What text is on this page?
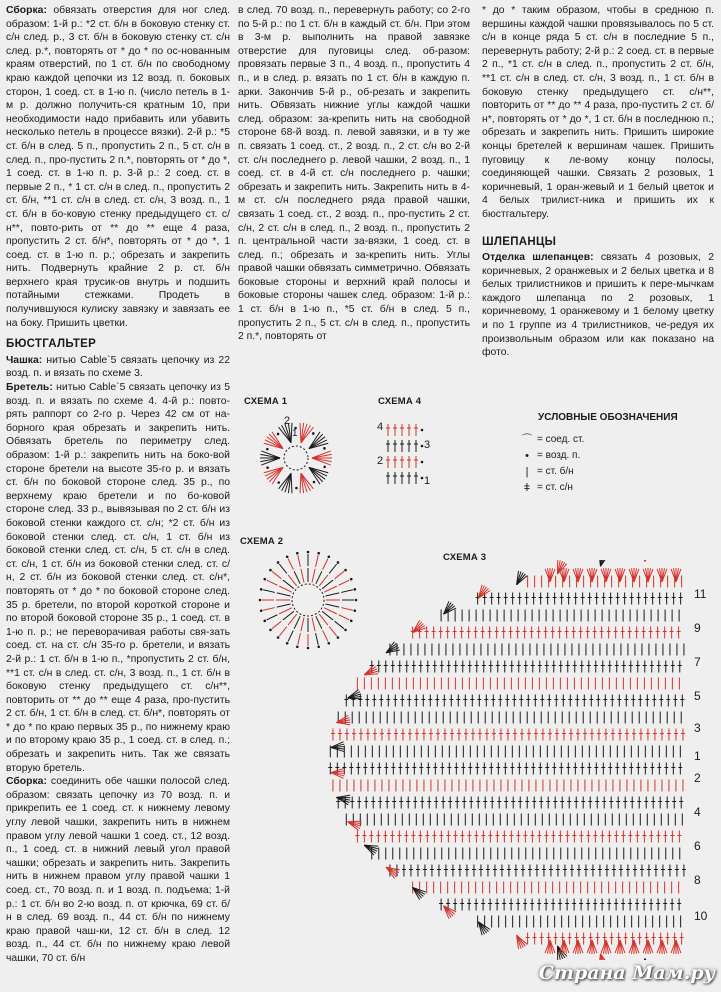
Сборка: обвязать отверстия для ног след. образом: 1-й р.: *2 ст. б/н в боковую стенку ст. с/н след. р., 3 ст. б/н в боковую стенку ст. с/н след. р.*, повторять от * до * по ос-нованным краям отверстий, по 1 ст. б/н по свободному краю каждой цепочки из 12 возд. п. боковых сторон, 1 соед. ст. в 1-ю п. (число петель в 1-м р. должно получить-ся кратным 10, при необходимости надо прибавить или убавить несколько петель в процессе вязки). 2-й р.: *5 ст. б/н в след. 5 п., пропустить 2 п., 5 ст. с/н в след. п., про-пустить 2 п.*, повторять от * до *, 1 соед. ст. в 1-ю п. р. 3-й р.: 2 соед. ст. в первые 2 п., * 1 ст. с/н в след. п., пропустить 2 ст. б/н, **1 ст. с/н в след. ст. с/н, 3 возд. п., 1 ст. б/н в бо-ковую стенку предыдущего ст. с/н**, повто-рить от ** до ** еще 4 раза, пропустить 2 ст. б/н*, повторять от * до *, 1 соед. ст. в 1-ю п. р.; обрезать и закрепить нить. Подвернуть крайние 2 р. ст. б/н верхнего края трусик-ов внутрь и подшить потайными стежками. Продеть в получившуюся кулиску завязку и завязать ее на боку. Пришить цветки.

БЮСТГАЛЬТЕР

Чашка: нитью Cable`5 связать цепочку из 22 возд. п. и вязать по схеме 3.

Бретель: нитью Cable`5 связать цепочку из 5 возд. п. и вязать по схеме 4. 4-й р.: повто-рять раппорт со 2-го р. Через 42 см от на-борного края обрезать и закрепить нить. Обвязать бретель по периметру след. образом: 1-й р.: закрепить нить на боко-вой стороне бретели на высоте 35-го р. и вязать ст. б/н по боковой стороне след. 35 р., по верхнему краю бретели и по бо-ковой стороне след. 33 р., вывязывая по 2 ст. б/н из боковой стенки каждого ст. с/н; *2 ст. б/н из боковой стенки след. ст. с/н, 1 ст. б/н из боковой стенки след. ст. с/н, 5 ст. с/н в след. ст. с/н, 1 ст. б/н из боковой стенки след. ст. с/н, 2 ст. б/н из боковой стенки след. ст. с/н*, повторять от * до * по боковой стороне след. 35 р. бретели, по второй короткой стороне и по второй боковой стороне 35 р., 1 соед. ст. в 1-ю п. р.; не переворачивая работы свя-зать соед. ст. на ст. с/н 35-го р. бретели, и вязать 2-й р.: 1 ст. б/н в 1-ю п., *пропустить 2 ст. б/н, **1 ст. с/н в след. ст. с/н, 3 возд. п., 1 ст. б/н в боковую стенку предыдущего ст. с/н**, повторить от ** до ** еще 4 раза, про-пустить 2 ст. б/н, 1 ст. б/н в след. ст. б/н*, повторять от * до * по краю первых 35 р., по нижнему краю и по второму краю 35 р., 1 соед. ст. в след. п.; обрезать и закрепить нить. Так же связать вторую бретель.

Сборка: соединить обе чашки полосой след. образом: связать цепочку из 70 возд. п. и прикрепить ее 1 соед. ст. к нижнему левому углу левой чашки, закрепить нить в нижнем правом углу левой чашки 1 соед. ст., 12 возд. п., 1 соед. ст. в нижний левый угол правой чашки; обрезать и закрепить нить. Закрепить нить в нижнем правом углу правой чашки 1 соед. ст., 70 возд. п. и 1 возд. п. подъема; 1-й р.: 1 ст. б/н во 2-ю возд. п. от крючка, 69 ст. б/н в след. 69 возд. п., 44 ст. б/н по нижнему краю правой чаш-ки, 12 ст. б/н в след. 12 возд. п., 44 ст. б/н по нижнему краю левой чашки, 70 ст. б/н

в след. 70 возд. п., перевернуть работу; со 2-го по 5-й р.: по 1 ст. б/н в каждый ст. б/н. При этом в 3-м р. выполнить на правой завязке отверстие для пуговицы след. об-разом: провязать первые 3 п., 4 возд. п., пропустить 4 п., и в след. р. вязать по 1 ст. б/н в каждую п. арки. Закончив 5-й р., об-резать и закрепить нить. Обвязать нижние углы каждой чашки след. образом: за-крепить нить на свободной стороне 68-й возд. п. левой завязки, и в ту же п. связать 1 соед. ст., 2 возд. п., 2 ст. с/н во 2-й ст. с/н последнего р. левой чашки, 2 возд. п., 1 соед. ст. в 4-й ст. с/н последнего р. чашки; обрезать и закрепить нить. Закрепить нить в 4-м ст. с/н последнего ряда правой чашки, связать 1 соед. ст., 2 возд. п., про-пустить 2 ст. с/н, 2 ст. с/н в след. п., 2 возд. п., пропустить 2 п. центральной части за-вязки, 1 соед. ст. в след. п.; обрезать и за-крепить нить. Углы правой чашки обвязать симметрично. Обвязать боковые стороны и верхний край полосы и боковые стороны чашек след. образом: 1-й р.: 1 ст. б/н в 1-ю п., *5 ст. б/н в след. 5 п., пропустить 2 п., 5 ст. с/н в след. п., пропустить 2 п.*, повторять от

* до * таким образом, чтобы в среднюю п. вершины каждой чашки провязывалось по 5 ст. с/н в конце ряда 5 ст. с/н в последние 5 п., перевернуть работу; 2-й р.: 2 соед. ст. в первые 2 п., *1 ст. с/н в след. п., пропустить 2 ст. б/н, **1 ст. с/н в след. ст. с/н, 3 возд. п., 1 ст. б/н в боковую стенку предыдущего ст. с/н**, повторить от ** до ** 4 раза, про-пустить 2 ст. б/н*, повторять от * до *, 1 ст. б/н в последнюю п.; обрезать и закрепить нить. Пришить широкие концы бретелей к вершинам чашек. Пришить пуговицу к ле-вому концу полосы, соединяющей чашки. Связать 2 розовых, 1 коричневый, 1 оран-жевый и 1 белый цветок и 4 белых трилист-ника и пришить их к бюстгальтеру.

ШЛЕПАНЦЫ

Отделка шлепанцев: связать 4 розовых, 2 коричневых, 2 оранжевых и 2 белых цветка и 8 белых трилистников и пришить к пере-мычкам каждого шлепанца по 2 розовых, 1 коричневому, 1 оранжевому и 1 белому цветку и по 1 группе из 4 трилистников, че-редуя их произвольным образом или как показано на фото.

СХЕМА 1	СХЕМА 4
СХЕМА 2
СХЕМА 3
УСЛОВНЫЕ ОБОЗНАЧЕНИЯ
⌒ = соед. ст.
• = возд. п.
| = ст. б/н
ǂ = ст. с/н
2
1
4
3
2
1
11
9
7
5
3
1
2
4
6
8
10
Страна Мам.ру
